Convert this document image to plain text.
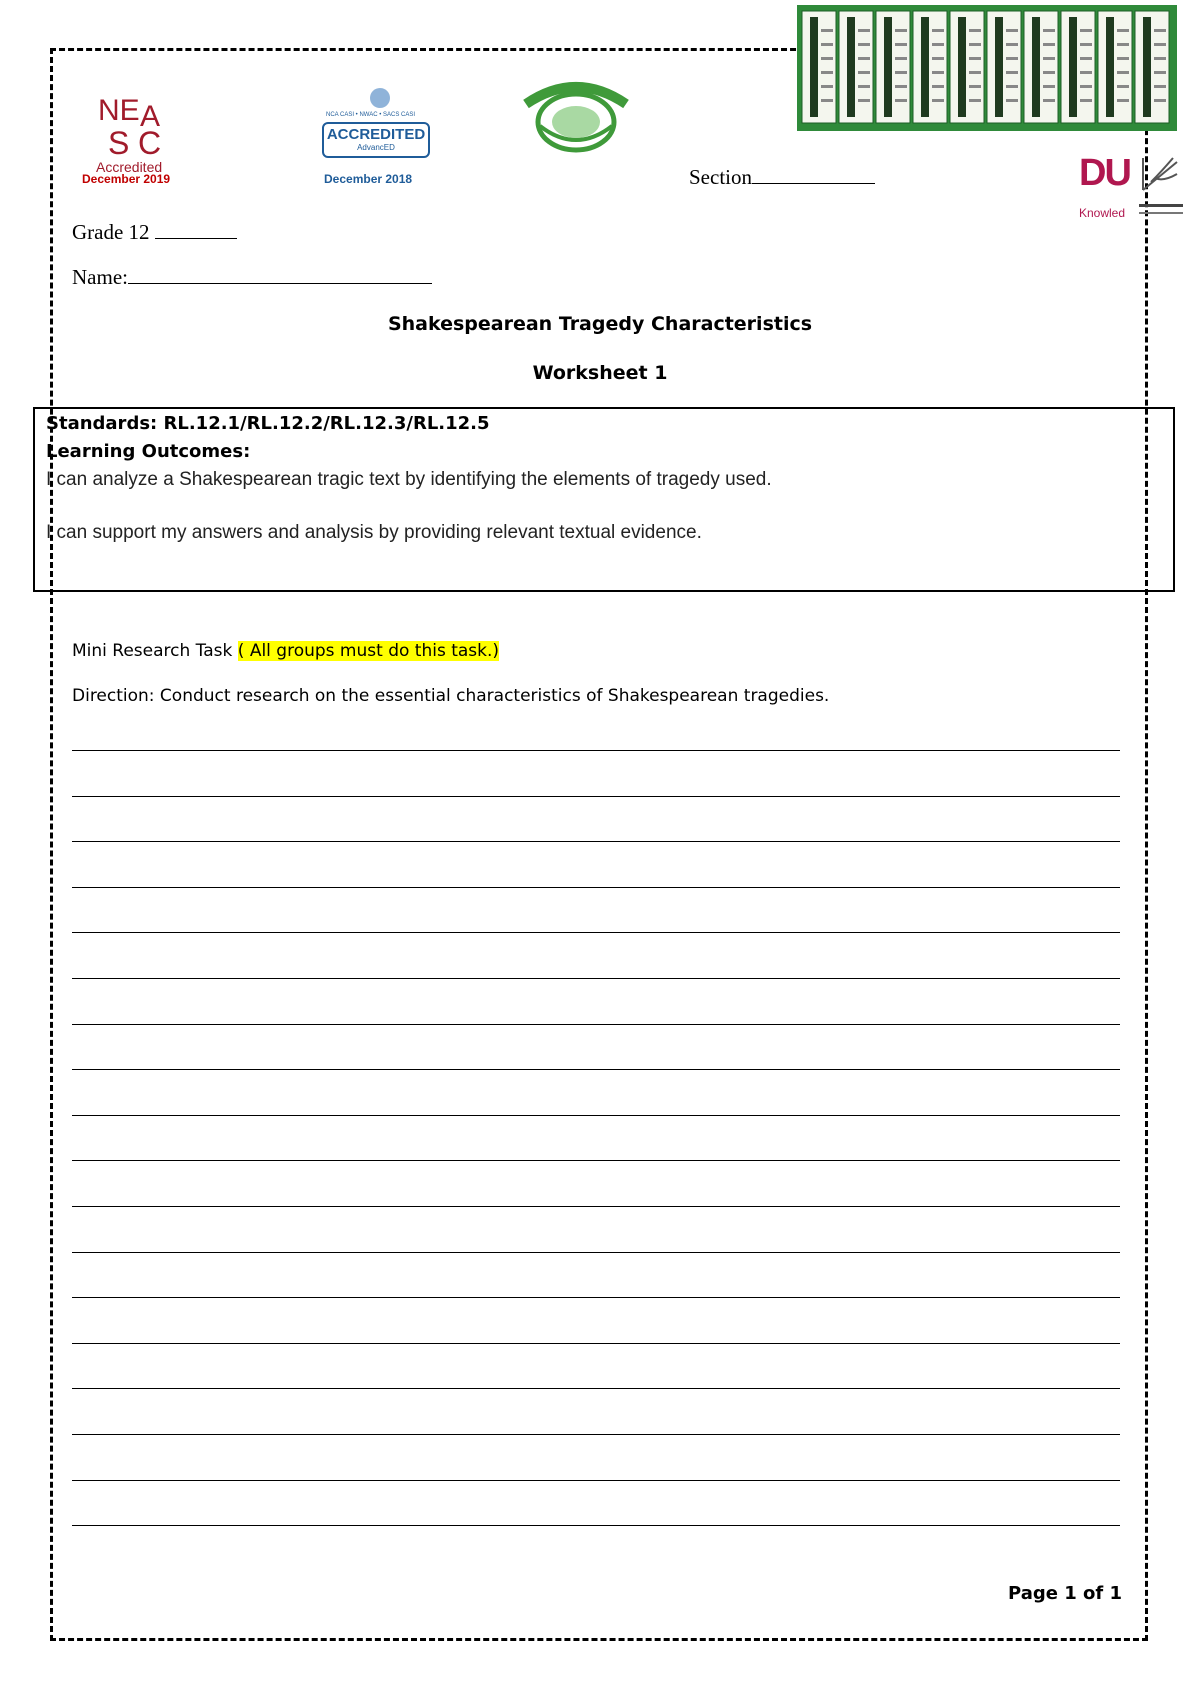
NE
S C
A
Accredited
December 2019
NCA CASI • NWAC • SACS CASI
ACCREDITED
AdvancED
December 2018	DU
Knowled
Section
Grade 12
Name:
Shakespearean Tragedy Characteristics
Worksheet 1
Standards: RL.12.1/RL.12.2/RL.12.3/RL.12.5
Learning Outcomes:
I can analyze a Shakespearean tragic text by identifying the elements of tragedy used.
I can support my answers and analysis by providing relevant textual evidence.
Mini Research Task ( All groups must do this task.)
Direction: Conduct research on the essential characteristics of Shakespearean tragedies.
Page 1 of 1
